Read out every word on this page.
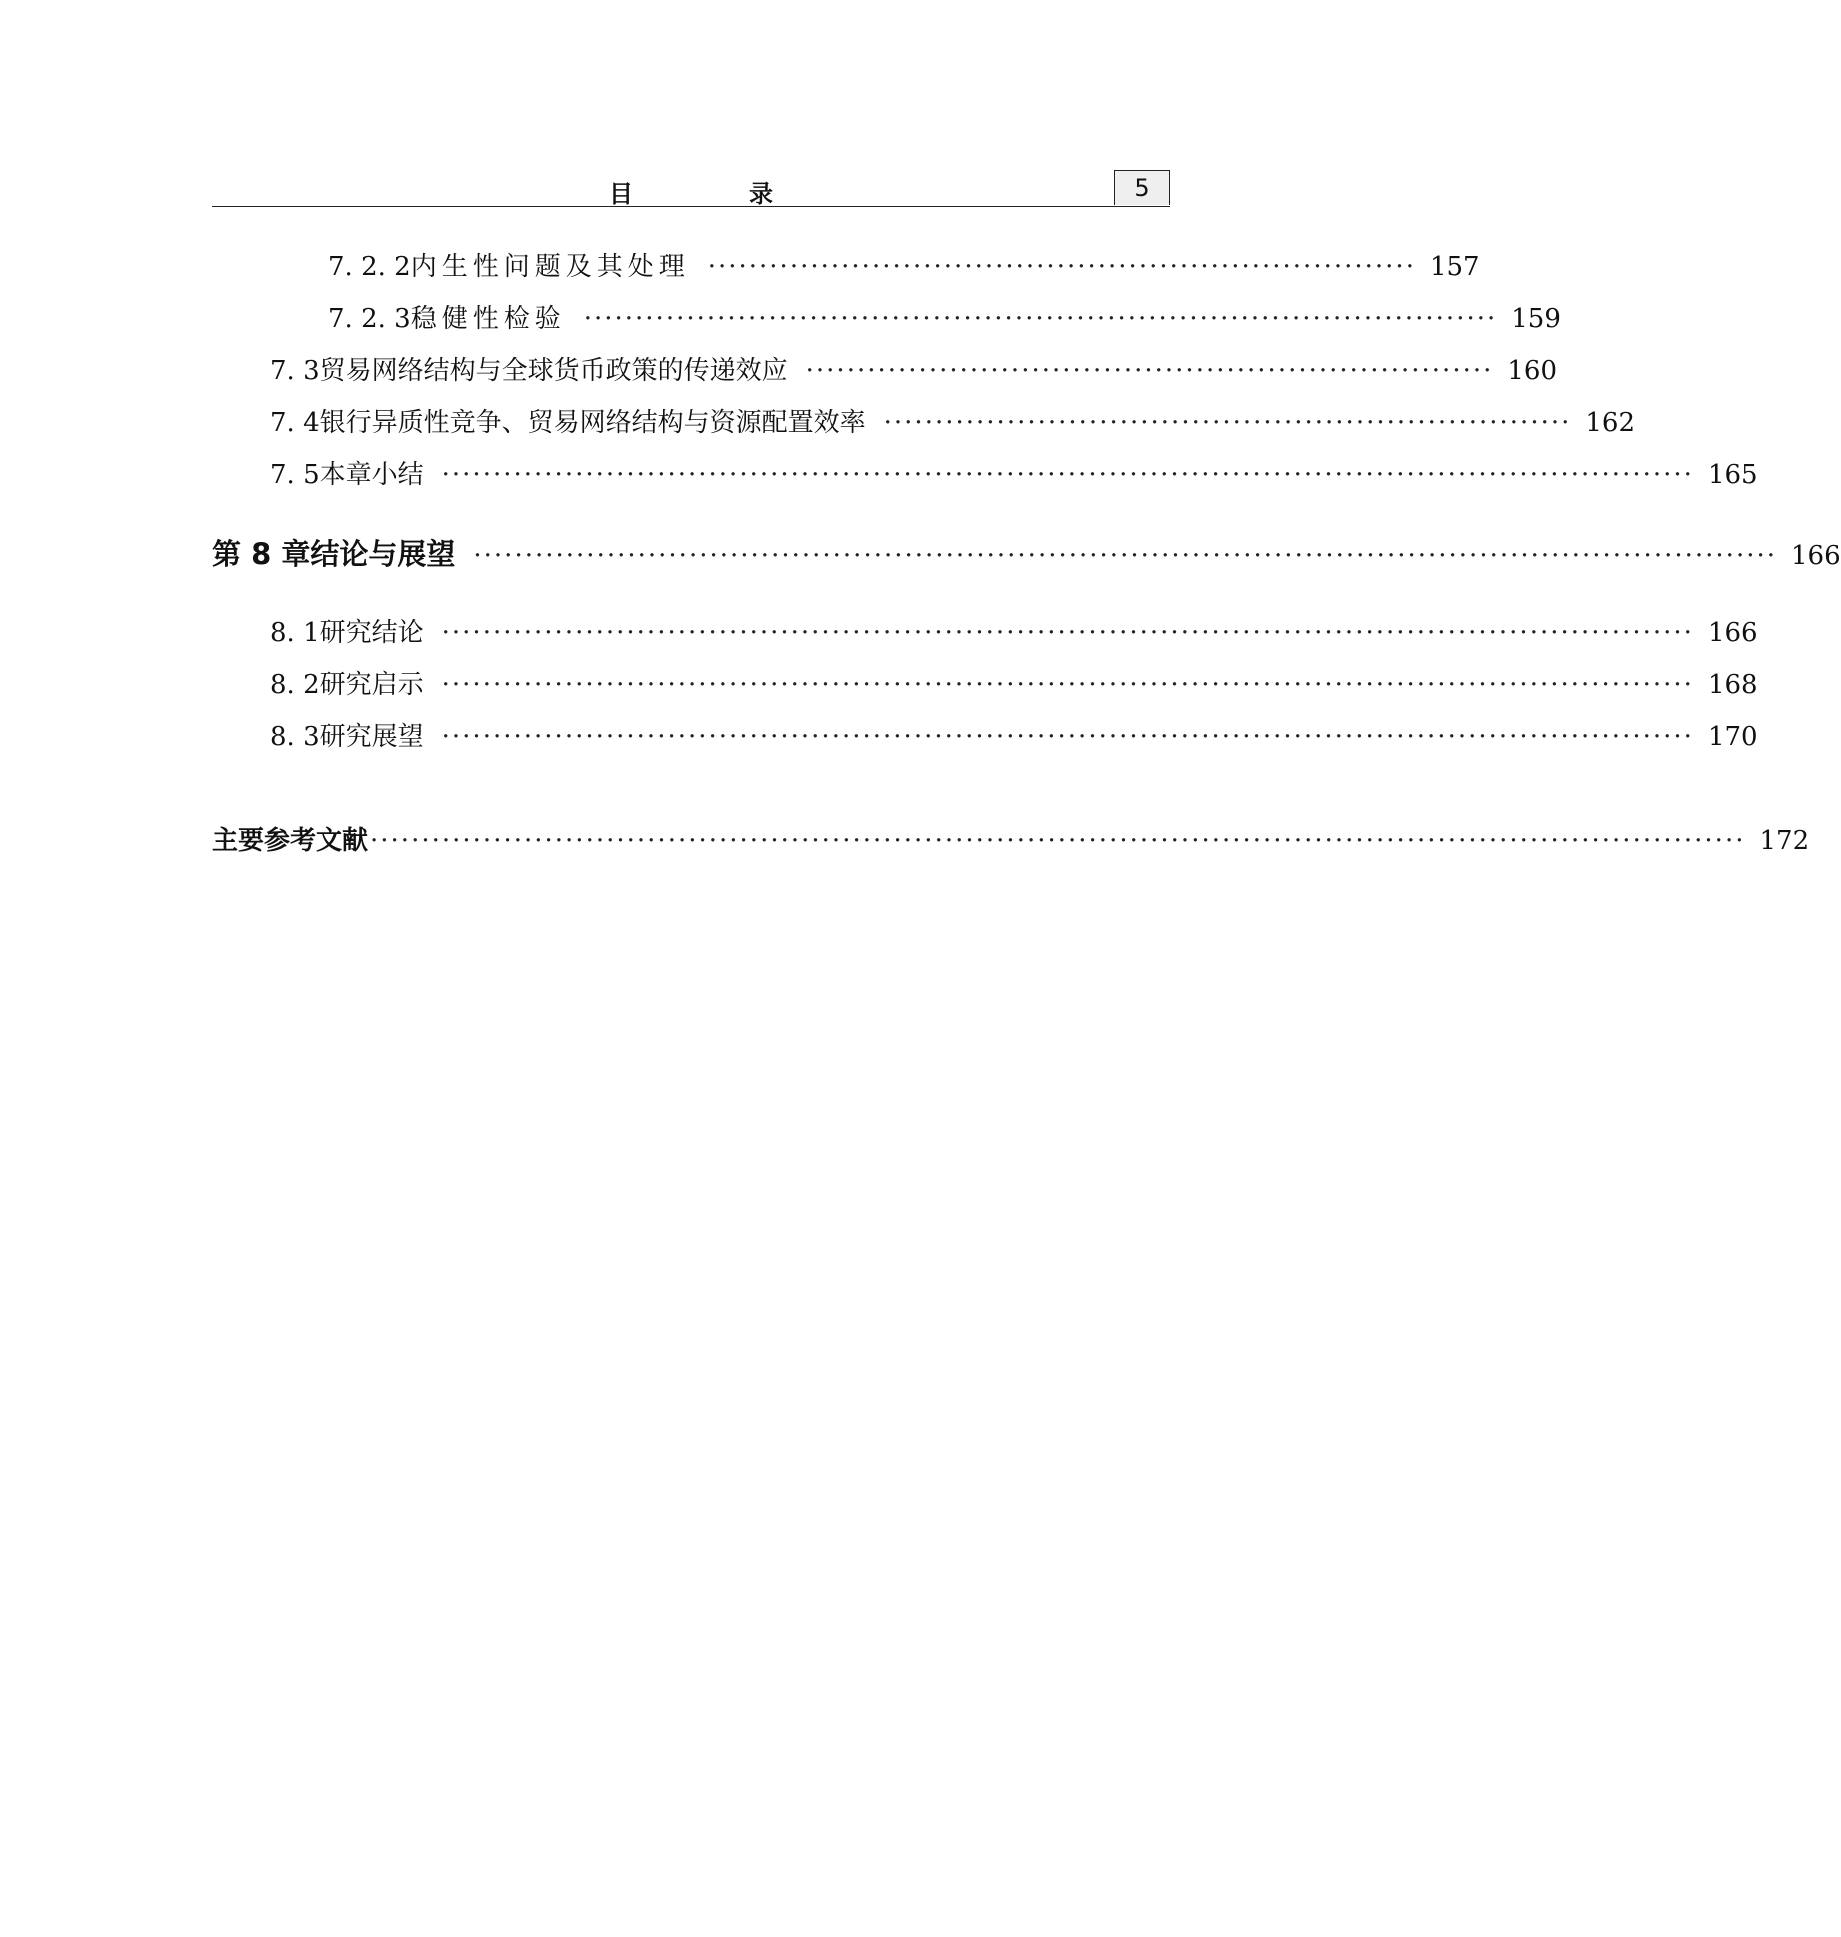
目　录	5
7. 2. 2 内生性问题及其处理 ····································································· 157
7. 2. 3 稳健性检验 ························································································· 159
7. 3 贸易网络结构与全球货币政策的传递效应 ··································································· 160
7. 4 银行异质性竞争、贸易网络结构与资源配置效率 ··································································· 162
7. 5 本章小结 ·························································································································· 165
第 8 章 结论与展望 ······························································································································· 166
8. 1 研究结论 ·························································································································· 166
8. 2 研究启示 ·························································································································· 168
8. 3 研究展望 ·························································································································· 170
主要参考文献 ······································································································································ 172
